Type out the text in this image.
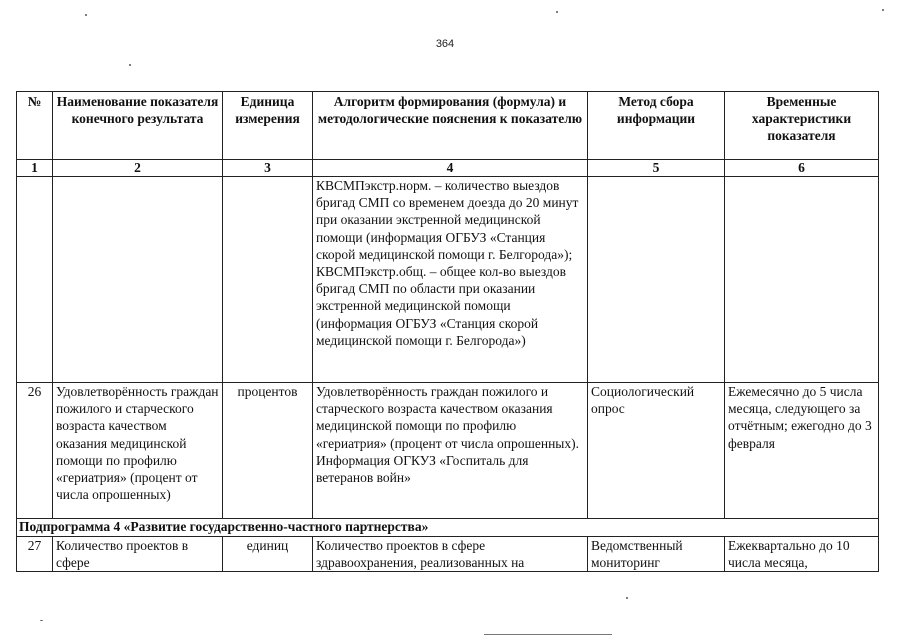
364
№	Наименование показателя конечного результата	Единица измерения	Алгоритм формирования (формула) и методологические пояснения к показателю	Метод сбора информации	Временные характеристики показателя
1	2	3	4	5	6
			КВСМПэкстр.норм. – количество выездов бригад СМП со временем доезда до 20 минут при оказании экстренной медицинской помощи (информация ОГБУЗ «Станция скорой медицинской помощи г. Белгорода»); КВСМПэкстр.общ. – общее кол-во выездов бригад СМП по области при оказании экстренной медицинской помощи (информация ОГБУЗ «Станция скорой медицинской помощи г. Белгорода»)		
26	Удовлетворённость граждан пожилого и старческого возраста качеством оказания медицинской помощи по профилю «гериатрия» (процент от числа опрошенных)	процентов	Удовлетворённость граждан пожилого и старческого возраста качеством оказания медицинской помощи по профилю «гериатрия» (процент от числа опрошенных). Информация ОГКУЗ «Госпиталь для ветеранов войн»	Социологический опрос	Ежемесячно до 5 числа месяца, следующего за отчётным; ежегодно до 3 февраля
Подпрограмма 4 «Развитие государственно-частного партнерства»					
27	Количество проектов в сфере	единиц	Количество проектов в сфере здравоохранения, реализованных на	Ведомственный мониторинг	Ежеквартально до 10 числа месяца,
